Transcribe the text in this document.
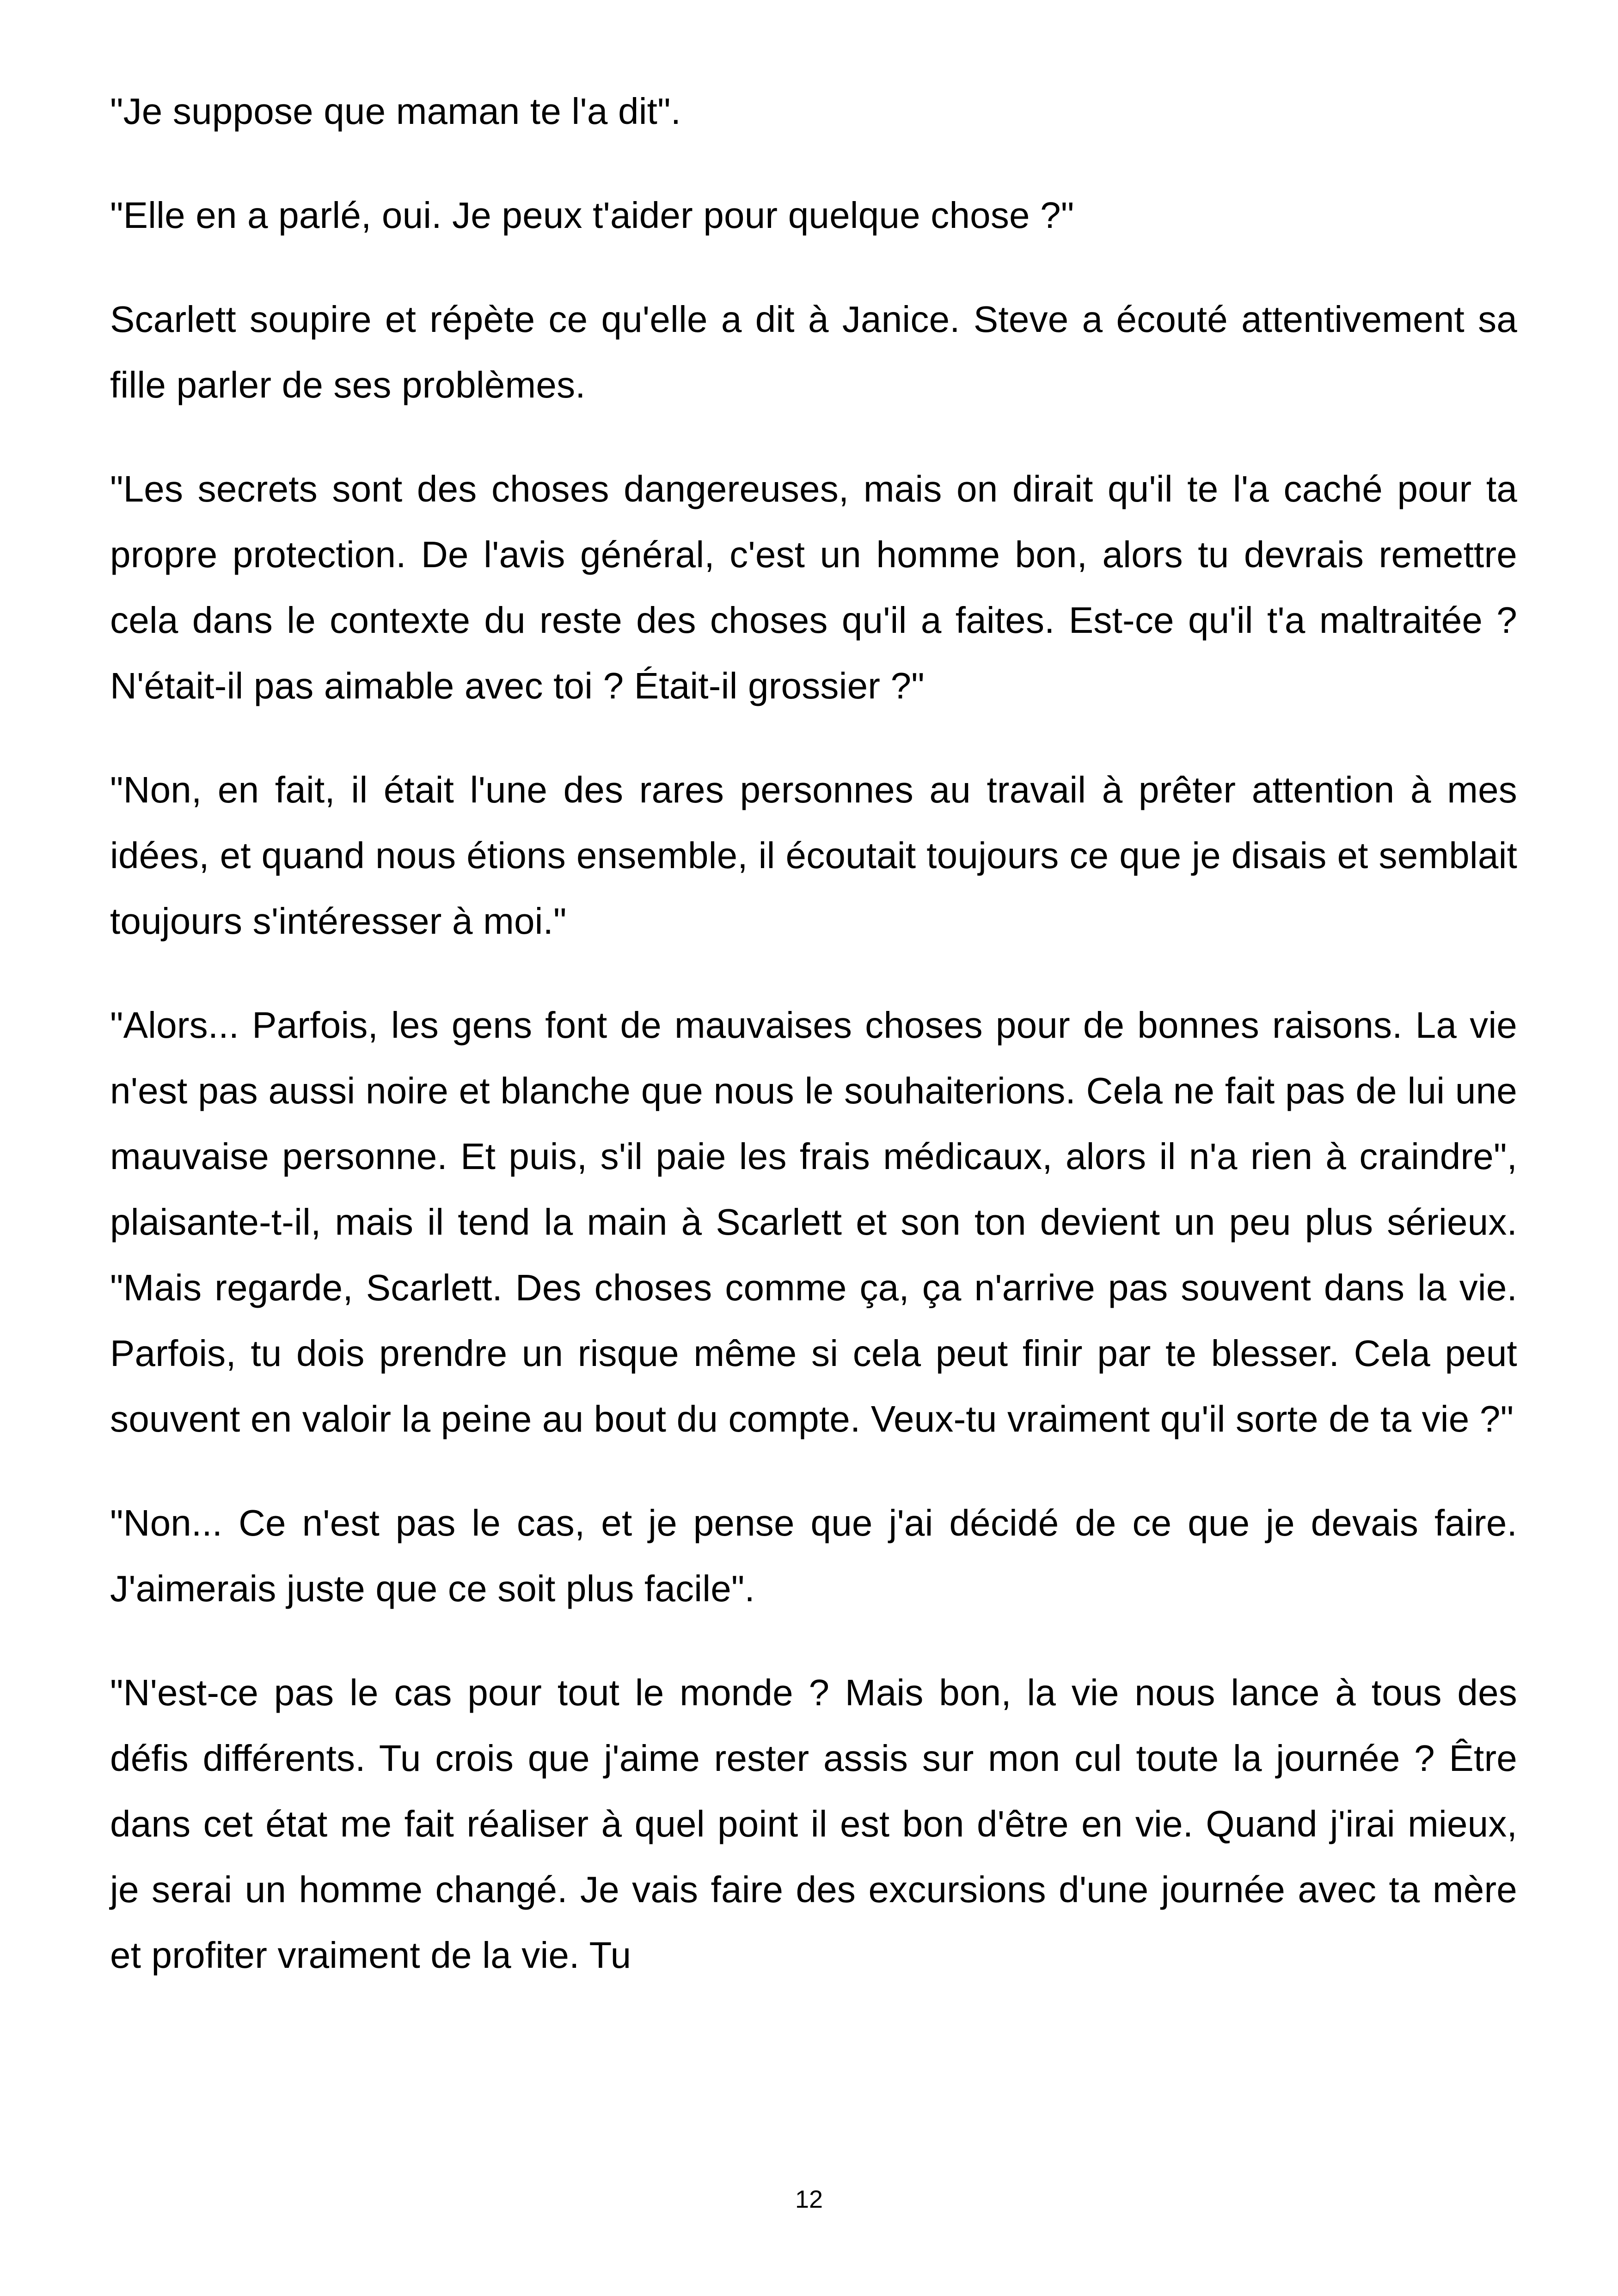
"Je suppose que maman te l'a dit".

"Elle en a parlé, oui. Je peux t'aider pour quelque chose ?"

Scarlett soupire et répète ce qu'elle a dit à Janice. Steve a écouté attentivement sa fille parler de ses problèmes.

"Les secrets sont des choses dangereuses, mais on dirait qu'il te l'a caché pour ta propre protection. De l'avis général, c'est un homme bon, alors tu devrais remettre cela dans le contexte du reste des choses qu'il a faites. Est-ce qu'il t'a maltraitée ? N'était-il pas aimable avec toi ? Était-il grossier ?"

"Non, en fait, il était l'une des rares personnes au travail à prêter attention à mes idées, et quand nous étions ensemble, il écoutait toujours ce que je disais et semblait toujours s'intéresser à moi."

"Alors... Parfois, les gens font de mauvaises choses pour de bonnes raisons. La vie n'est pas aussi noire et blanche que nous le souhaiterions. Cela ne fait pas de lui une mauvaise personne. Et puis, s'il paie les frais médicaux, alors il n'a rien à craindre", plaisante-t-il, mais il tend la main à Scarlett et son ton devient un peu plus sérieux. "Mais regarde, Scarlett. Des choses comme ça, ça n'arrive pas souvent dans la vie. Parfois, tu dois prendre un risque même si cela peut finir par te blesser. Cela peut souvent en valoir la peine au bout du compte. Veux-tu vraiment qu'il sorte de ta vie ?"

"Non... Ce n'est pas le cas, et je pense que j'ai décidé de ce que je devais faire. J'aimerais juste que ce soit plus facile".

"N'est-ce pas le cas pour tout le monde ? Mais bon, la vie nous lance à tous des défis différents. Tu crois que j'aime rester assis sur mon cul toute la journée ? Être dans cet état me fait réaliser à quel point il est bon d'être en vie. Quand j'irai mieux, je serai un homme changé. Je vais faire des excursions d'une journée avec ta mère et profiter vraiment de la vie. Tu

12
